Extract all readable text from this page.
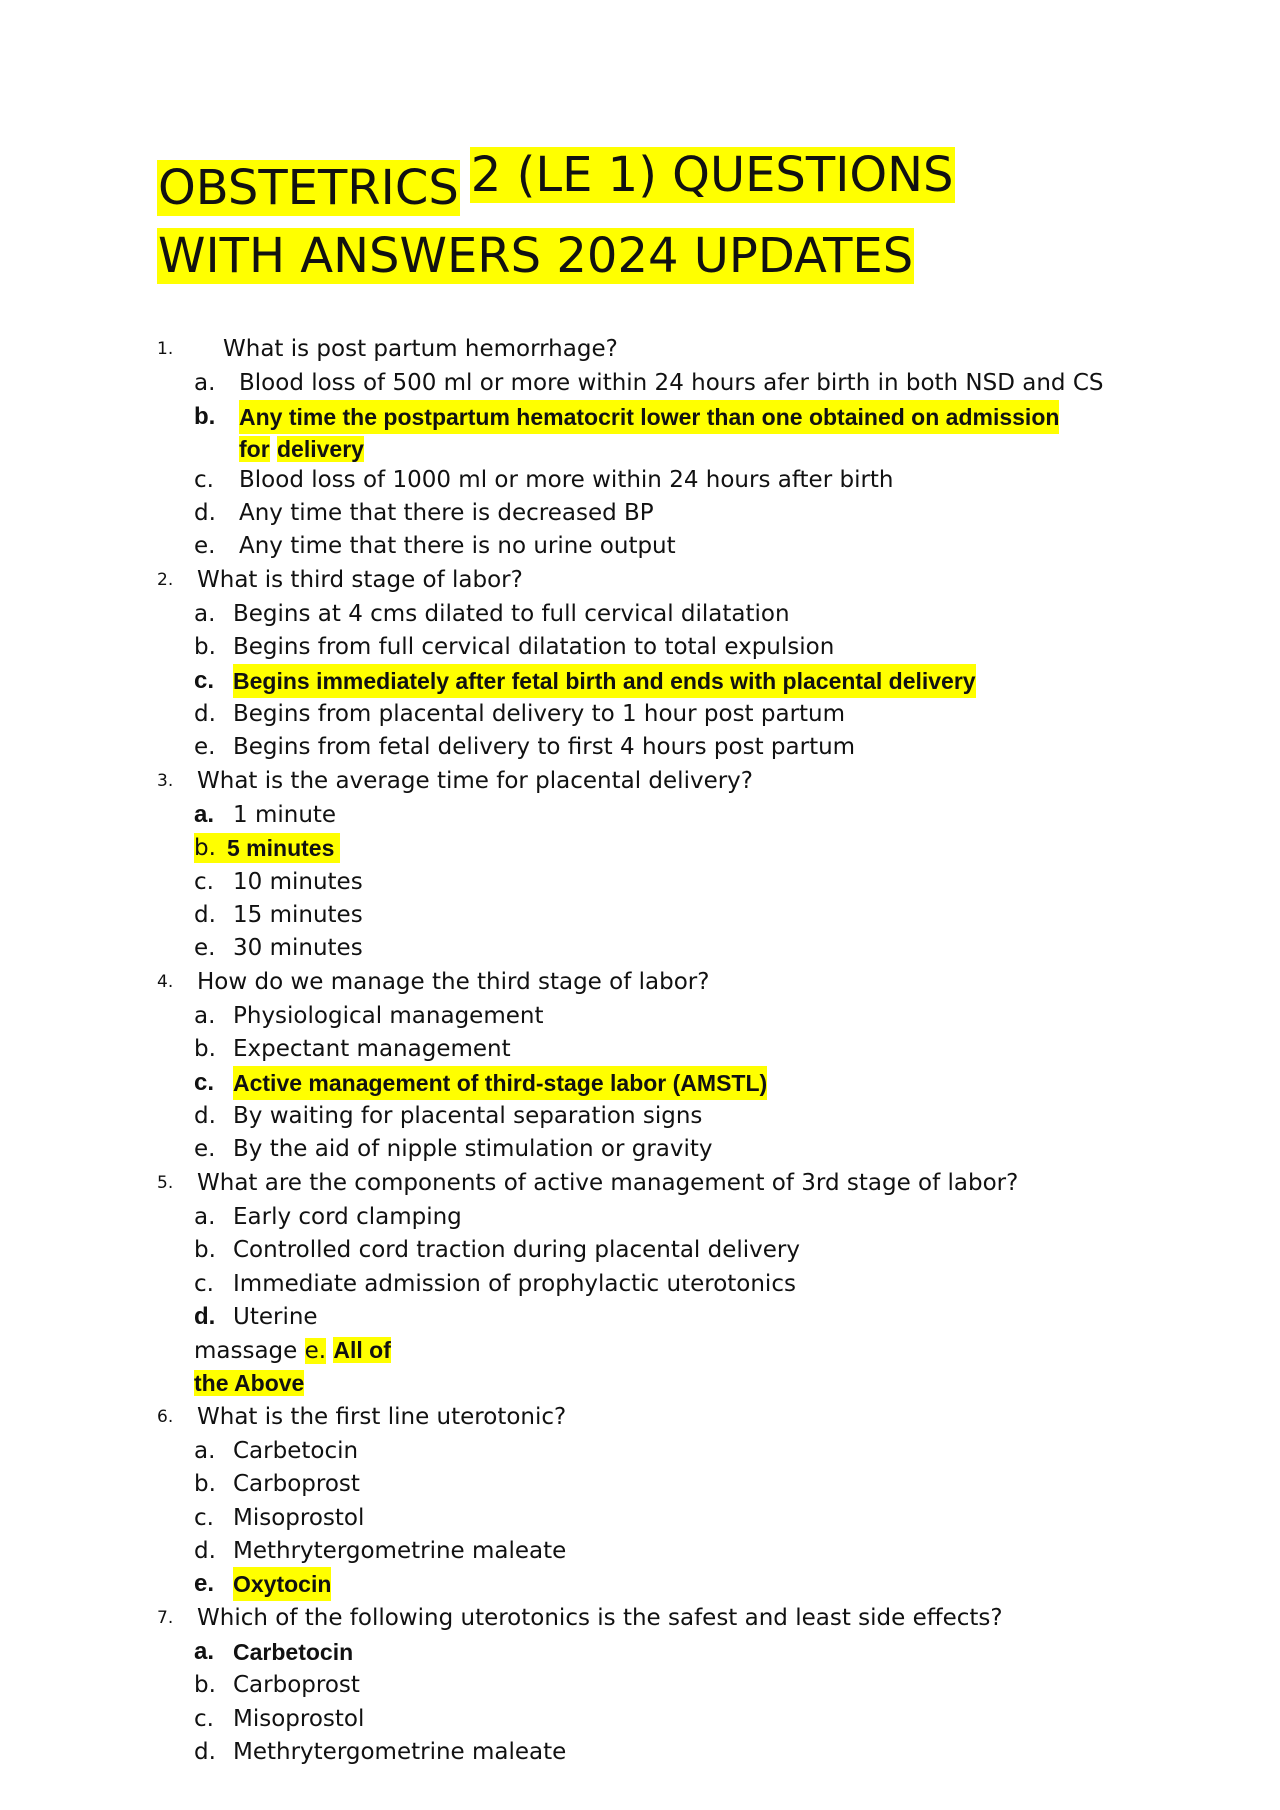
OBSTETRICS 2 (LE 1) QUESTIONS
WITH ANSWERS 2024 UPDATES
1.	What is post partum hemorrhage?
a.	Blood loss of 500 ml or more within 24 hours afer birth in both NSD and CS
b.	Any time the postpartum hematocrit lower than one obtained on admission
for delivery
c.	Blood loss of 1000 ml or more within 24 hours after birth
d.	Any time that there is decreased BP
e.	Any time that there is no urine output
2.	What is third stage of labor?
a. Begins at 4 cms dilated to full cervical dilatation
b. Begins from full cervical dilatation to total expulsion
c. Begins immediately after fetal birth and ends with placental delivery
d. Begins from placental delivery to 1 hour post partum
e. Begins from fetal delivery to first 4 hours post partum
3.	What is the average time for placental delivery?
a. 1 minute
b. 5 minutes
c. 10 minutes
d. 15 minutes
e. 30 minutes
4.	How do we manage the third stage of labor?
a. Physiological management
b. Expectant management
c. Active management of third-stage labor (AMSTL)
d. By waiting for placental separation signs
e. By the aid of nipple stimulation or gravity
5.	What are the components of active management of 3rd stage of labor?
a. Early cord clamping
b. Controlled cord traction during placental delivery
c. Immediate admission of prophylactic uterotonics
d. Uterine
massage e. All of
the Above
6.	What is the first line uterotonic?
a. Carbetocin
b. Carboprost
c. Misoprostol
d. Methrytergometrine maleate
e. Oxytocin
7.	Which of the following uterotonics is the safest and least side effects?
a. Carbetocin
b. Carboprost
c. Misoprostol
d. Methrytergometrine maleate
